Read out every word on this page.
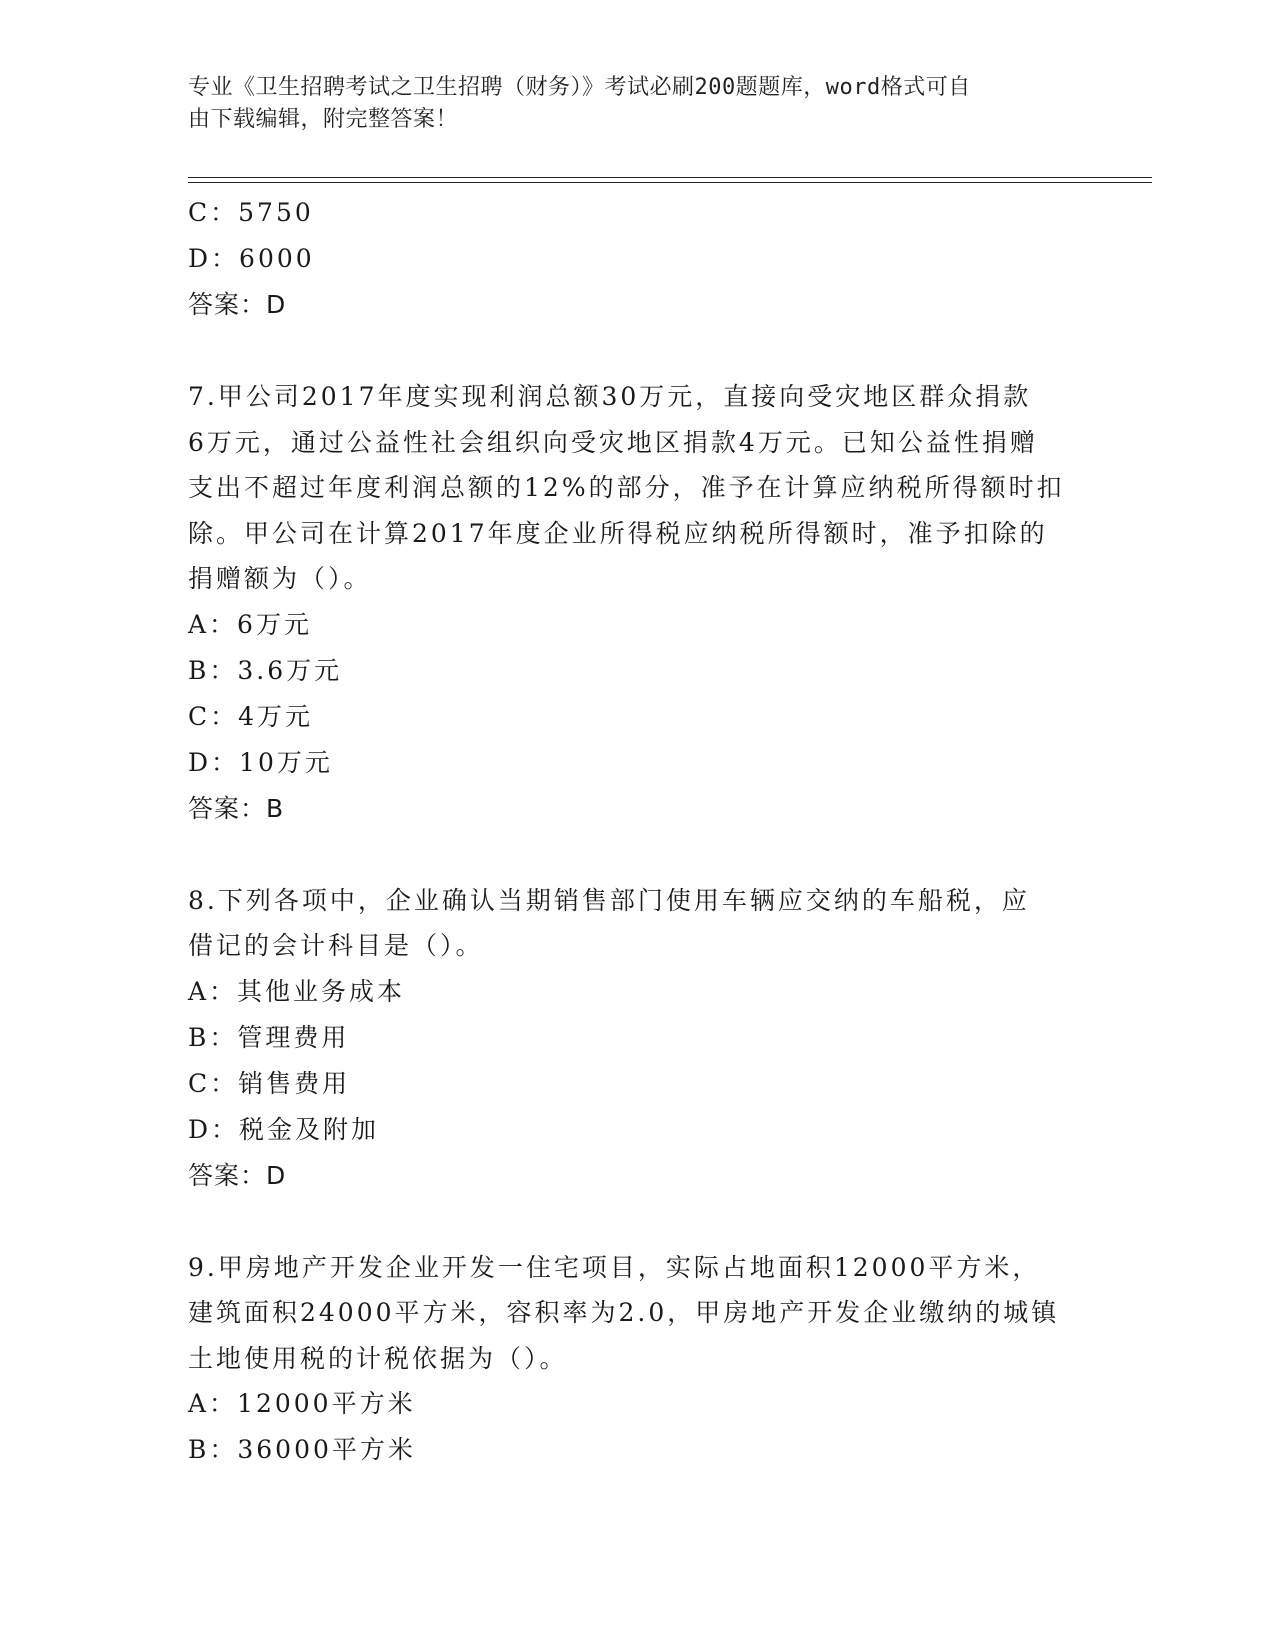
专业《卫生招聘考试之卫生招聘（财务）》考试必刷200题题库，word格式可自
由下载编辑，附完整答案！
C：5750
D：6000
答案：D
7.甲公司2017年度实现利润总额30万元，直接向受灾地区群众捐款
6万元，通过公益性社会组织向受灾地区捐款4万元。已知公益性捐赠
支出不超过年度利润总额的12%的部分，准予在计算应纳税所得额时扣
除。甲公司在计算2017年度企业所得税应纳税所得额时，准予扣除的
捐赠额为（）。
A：6万元
B：3.6万元
C：4万元
D：10万元
答案：B
8.下列各项中，企业确认当期销售部门使用车辆应交纳的车船税，应
借记的会计科目是（）。
A：其他业务成本
B：管理费用
C：销售费用
D：税金及附加
答案：D
9.甲房地产开发企业开发一住宅项目，实际占地面积12000平方米，
建筑面积24000平方米，容积率为2.0，甲房地产开发企业缴纳的城镇
土地使用税的计税依据为（）。
A：12000平方米
B：36000平方米
